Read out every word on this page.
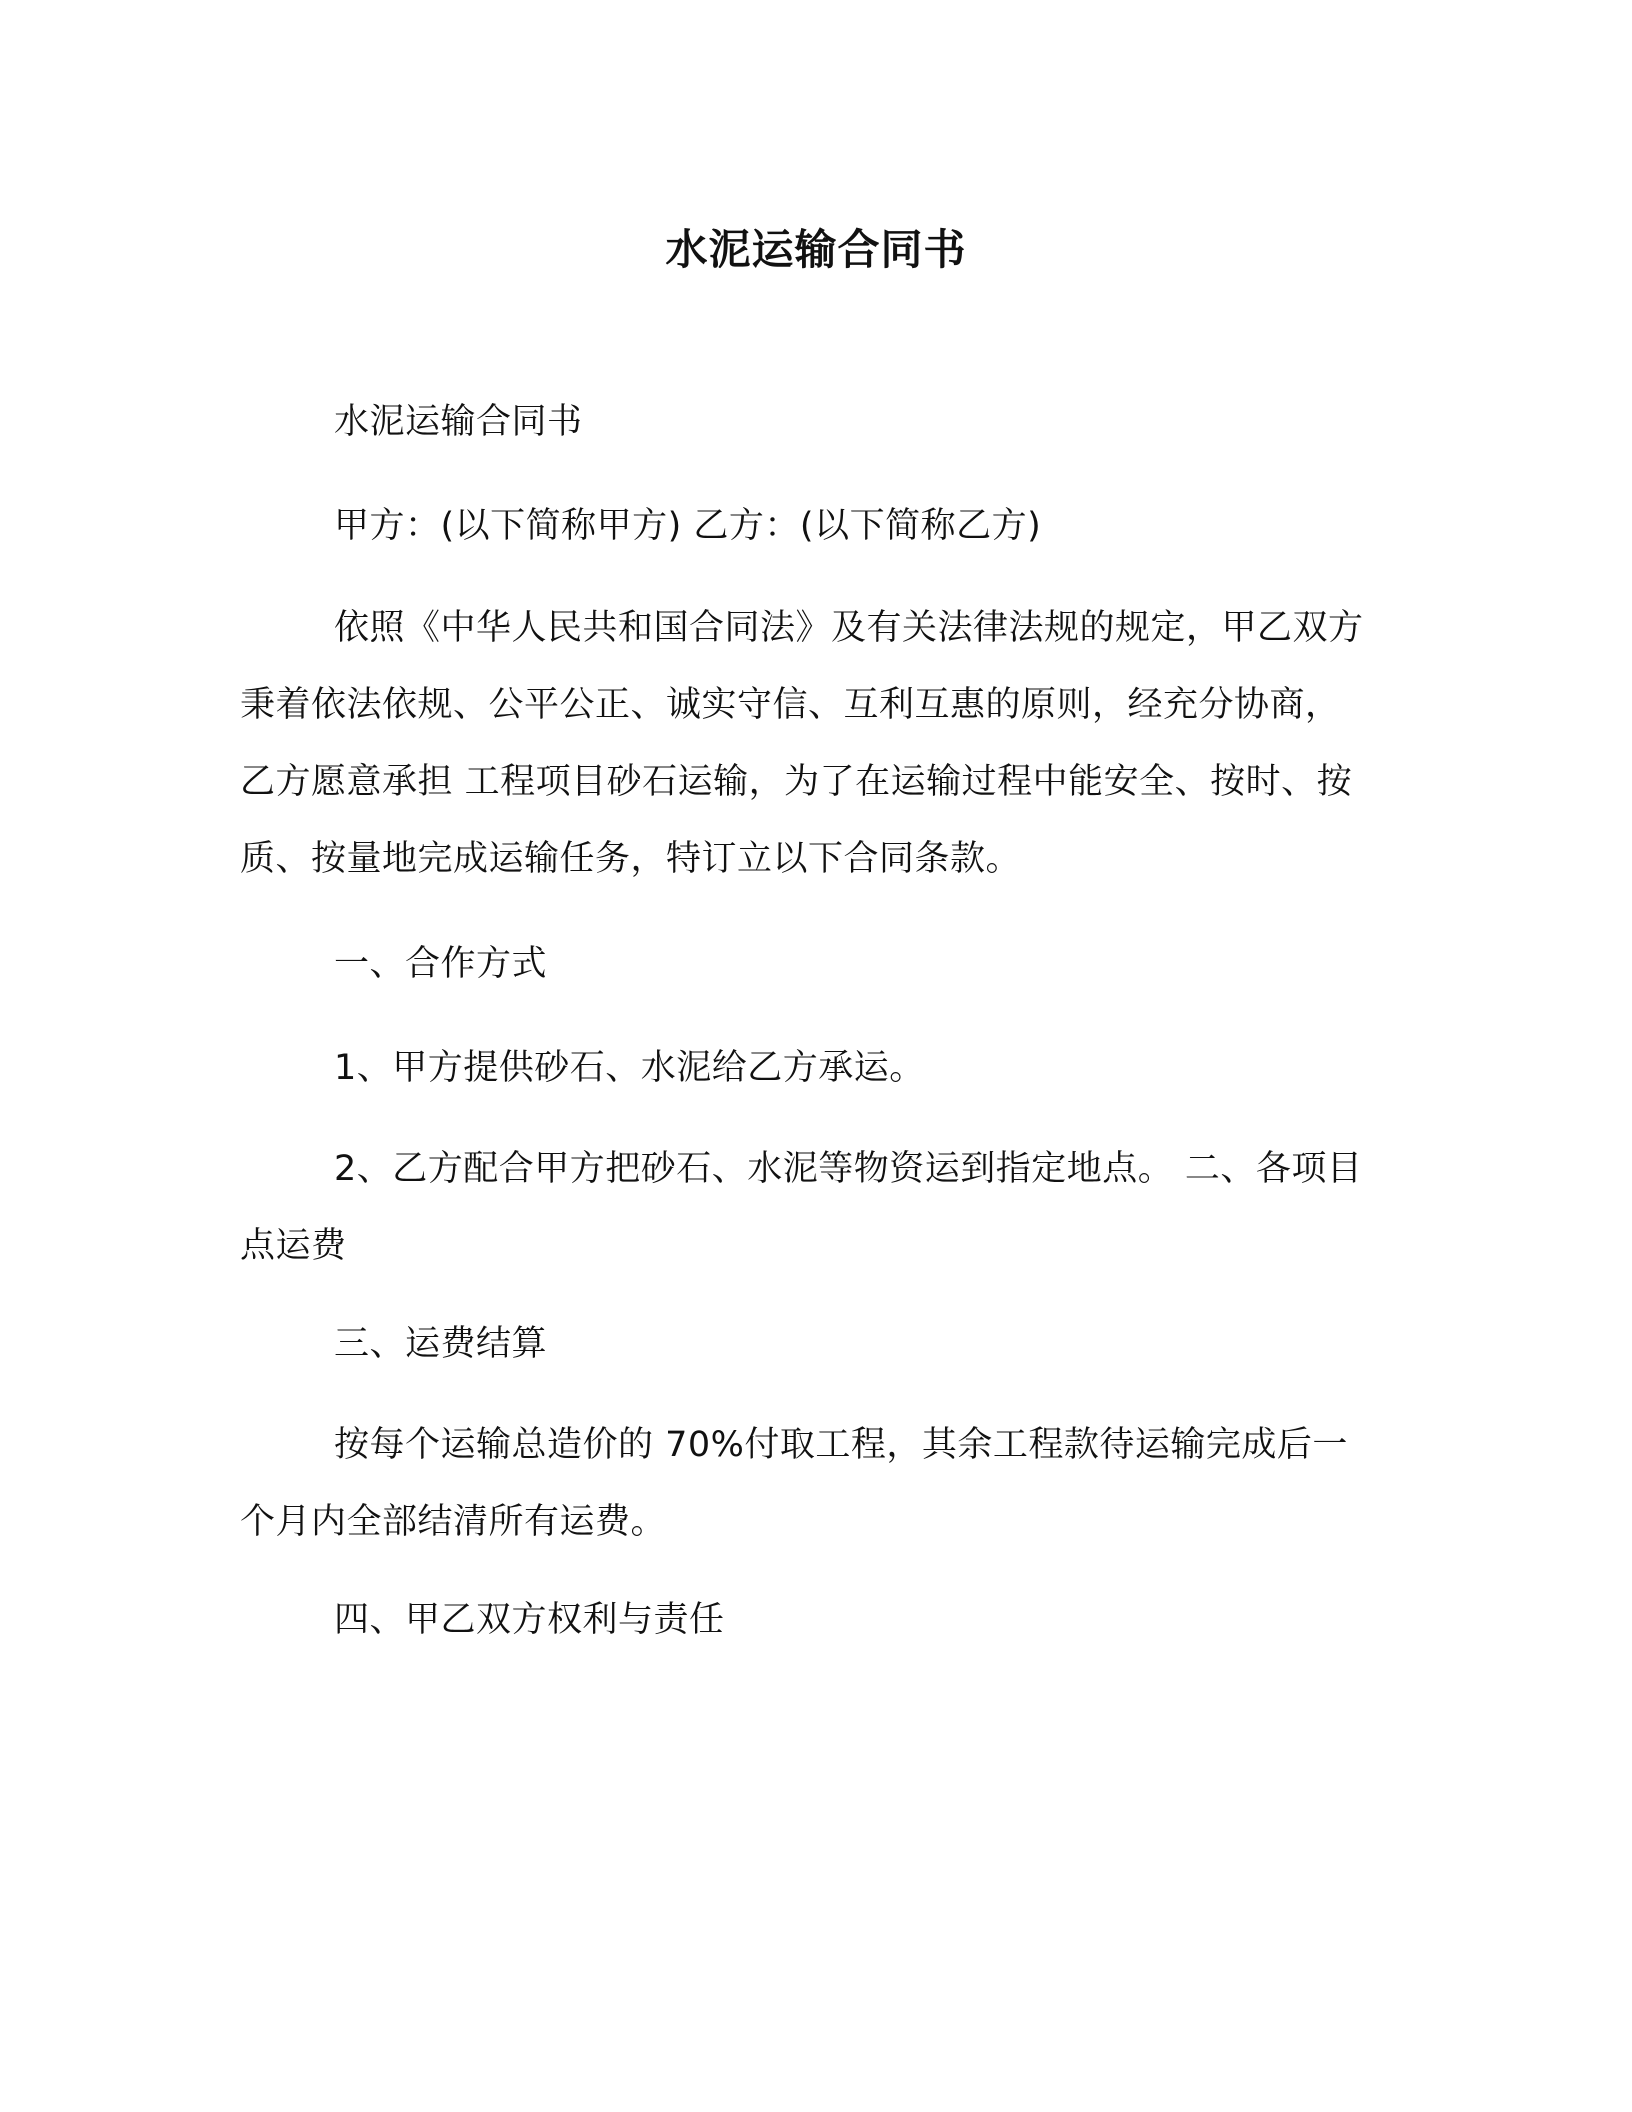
水泥运输合同书
水泥运输合同书
甲方：(以下简称甲方) 乙方：(以下简称乙方)

依照《中华人民共和国合同法》及有关法律法规的规定，甲乙双方秉着依法依规、公平公正、诚实守信、互利互惠的原则，经充分协商，乙方愿意承担 工程项目砂石运输，为了在运输过程中能安全、按时、按质、按量地完成运输任务，特订立以下合同条款。

一、合作方式
1、甲方提供砂石、水泥给乙方承运。

2、乙方配合甲方把砂石、水泥等物资运到指定地点。 二、各项目点运费

三、运费结算

按每个运输总造价的 70%付取工程，其余工程款待运输完成后一个月内全部结清所有运费。

四、甲乙双方权利与责任
